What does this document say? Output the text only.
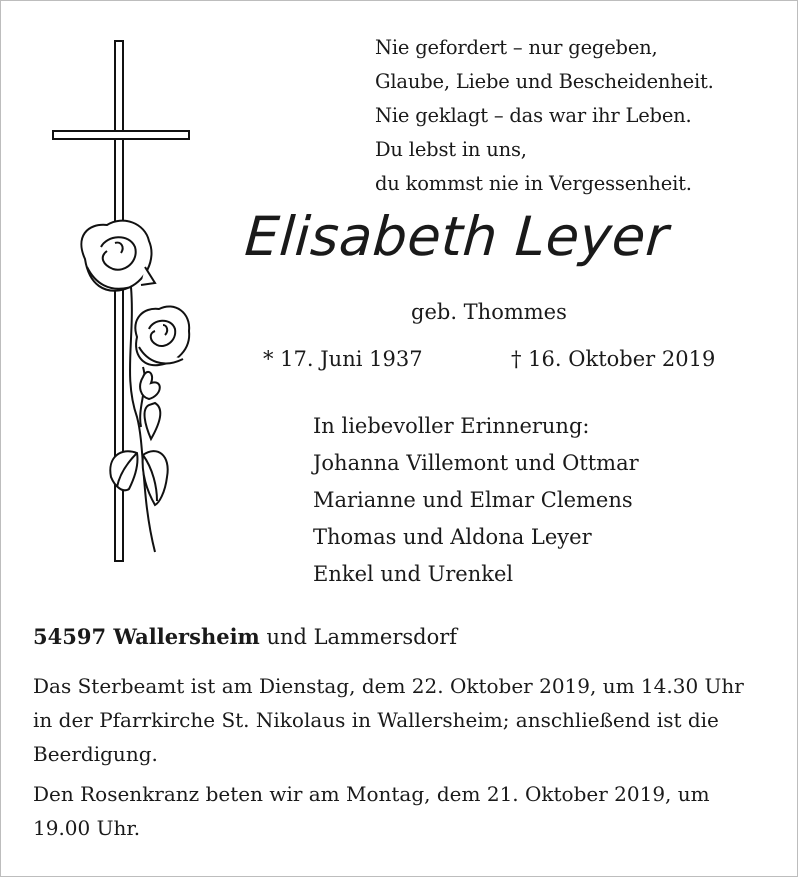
Nie gefordert – nur gegeben,
Glaube, Liebe und Bescheidenheit.
Nie geklagt – das war ihr Leben.
Du lebst in uns,
du kommst nie in Vergessenheit.
Elisabeth Leyer
geb. Thommes
* 17. Juni 1937	† 16. Oktober 2019
In liebevoller Erinnerung:
Johanna Villemont und Ottmar
Marianne und Elmar Clemens
Thomas und Aldona Leyer
Enkel und Urenkel
54597 Wallersheim und Lammersdorf
Das Sterbeamt ist am Dienstag, dem 22. Oktober 2019, um 14.30 Uhr
in der Pfarrkirche St. Nikolaus in Wallersheim; anschließend ist die
Beerdigung.
Den Rosenkranz beten wir am Montag, dem 21. Oktober 2019, um
19.00 Uhr.
